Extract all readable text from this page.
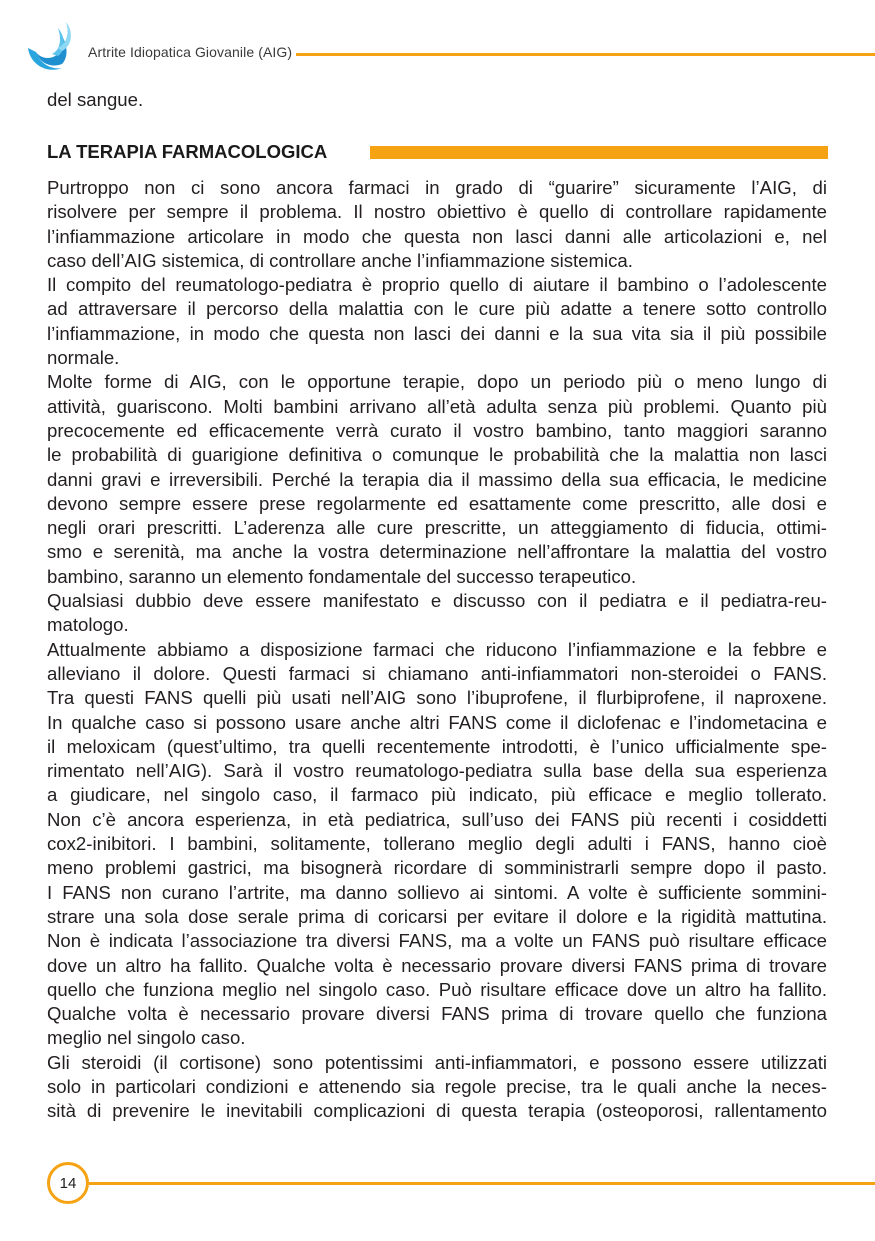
Artrite Idiopatica Giovanile (AIG)
del sangue.
LA TERAPIA FARMACOLOGICA
Purtroppo non ci sono ancora farmaci in grado di “guarire” sicuramente l’AIG, di
risolvere per sempre il problema. Il nostro obiettivo è quello di controllare rapidamente
l’infiammazione articolare in modo che questa non lasci danni alle articolazioni e, nel
caso dell’AIG sistemica, di controllare anche l’infiammazione sistemica.
Il compito del reumatologo-pediatra è proprio quello di aiutare il bambino o l’adolescente
ad attraversare il percorso della malattia con le cure più adatte a tenere sotto controllo
l’infiammazione, in modo che questa non lasci dei danni e la sua vita sia il più possibile
normale.
Molte forme di AIG, con le opportune terapie, dopo un periodo più o meno lungo di
attività, guariscono. Molti bambini arrivano all’età adulta senza più problemi. Quanto più
precocemente ed efficacemente verrà curato il vostro bambino, tanto maggiori saranno
le probabilità di guarigione definitiva o comunque le probabilità che la malattia non lasci
danni gravi e irreversibili. Perché la terapia dia il massimo della sua efficacia, le medicine
devono sempre essere prese regolarmente ed esattamente come prescritto, alle dosi e
negli orari prescritti. L’aderenza alle cure prescritte, un atteggiamento di fiducia, ottimi-
smo e serenità, ma anche la vostra determinazione nell’affrontare la malattia del vostro
bambino, saranno un elemento fondamentale del successo terapeutico.
Qualsiasi dubbio deve essere manifestato e discusso con il pediatra e il pediatra-reu-
matologo.
Attualmente abbiamo a disposizione farmaci che riducono l’infiammazione e la febbre e
alleviano il dolore. Questi farmaci si chiamano anti-infiammatori non-steroidei o FANS.
Tra questi FANS quelli più usati nell’AIG sono l’ibuprofene, il flurbiprofene, il naproxene.
In qualche caso si possono usare anche altri FANS come il diclofenac e l’indometacina e
il meloxicam (quest’ultimo, tra quelli recentemente introdotti, è l’unico ufficialmente spe-
rimentato nell’AIG). Sarà il vostro reumatologo-pediatra sulla base della sua esperienza
a giudicare, nel singolo caso, il farmaco più indicato, più efficace e meglio tollerato.
Non c’è ancora esperienza, in età pediatrica, sull’uso dei FANS più recenti i cosiddetti
cox2-inibitori. I bambini, solitamente, tollerano meglio degli adulti i FANS, hanno cioè
meno problemi gastrici, ma bisognerà ricordare di somministrarli sempre dopo il pasto.
I FANS non curano l’artrite, ma danno sollievo ai sintomi. A volte è sufficiente sommini-
strare una sola dose serale prima di coricarsi per evitare il dolore e la rigidità mattutina.
Non è indicata l’associazione tra diversi FANS, ma a volte un FANS può risultare efficace
dove un altro ha fallito. Qualche volta è necessario provare diversi FANS prima di trovare
quello che funziona meglio nel singolo caso. Può risultare efficace dove un altro ha fallito.
Qualche volta è necessario provare diversi FANS prima di trovare quello che funziona
meglio nel singolo caso.
Gli steroidi (il cortisone) sono potentissimi anti-infiammatori, e possono essere utilizzati
solo in particolari condizioni e attenendo sia regole precise, tra le quali anche la neces-
sità di prevenire le inevitabili complicazioni di questa terapia (osteoporosi, rallentamento
14
